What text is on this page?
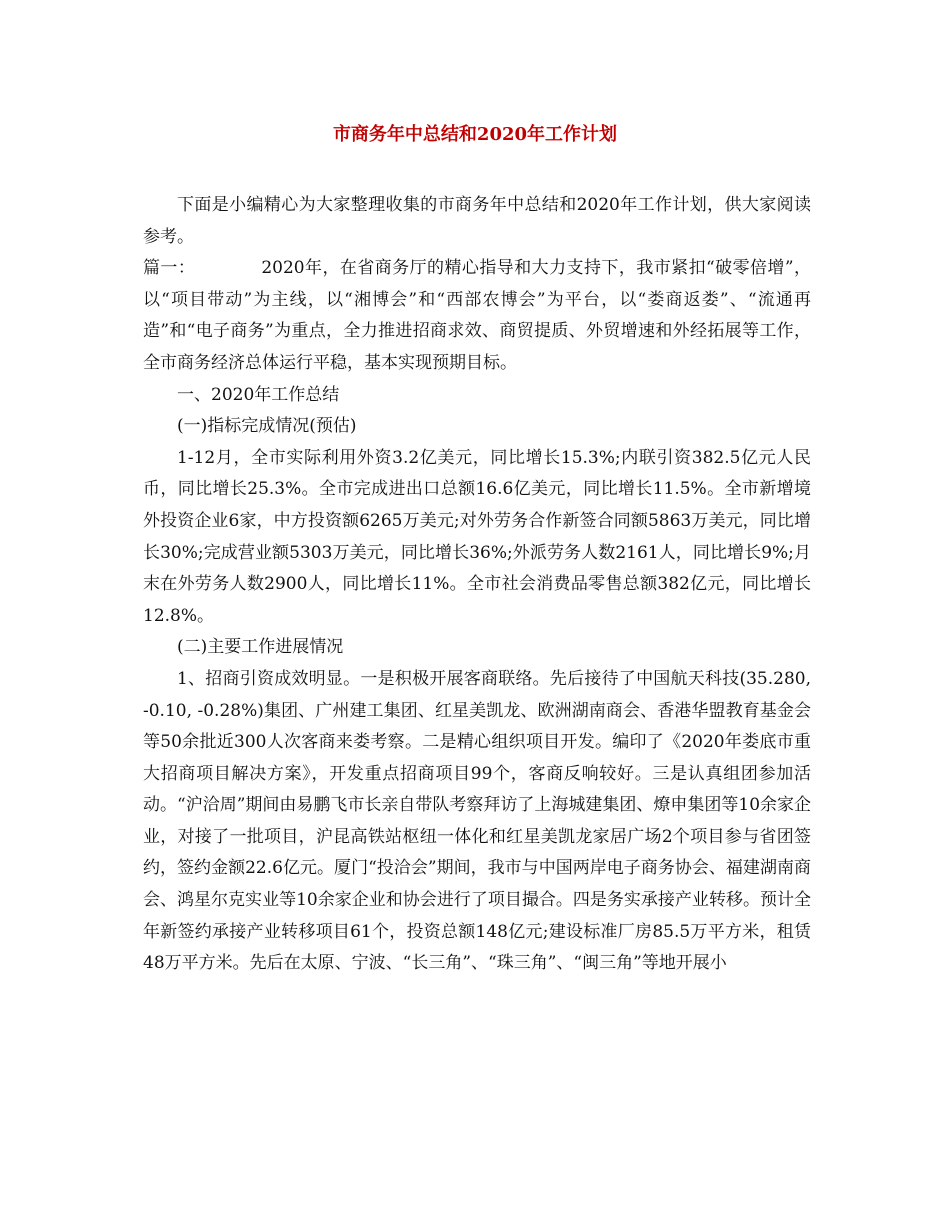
市商务年中总结和2020年工作计划

下面是小编精心为大家整理收集的市商务年中总结和2020年工作计划，供大家阅读参考。

篇一：	2020年，在省商务厅的精心指导和大力支持下，我市紧扣“破零倍增”，以“项目带动”为主线，以“湘博会”和“西部农博会”为平台，以“娄商返娄”、“流通再造”和“电子商务”为重点，全力推进招商求效、商贸提质、外贸增速和外经拓展等工作，全市商务经济总体运行平稳，基本实现预期目标。

一、2020年工作总结

(一)指标完成情况(预估)

1-12月，全市实际利用外资3.2亿美元，同比增长15.3%;内联引资382.5亿元人民币，同比增长25.3%。全市完成进出口总额16.6亿美元，同比增长11.5%。全市新增境外投资企业6家，中方投资额6265万美元;对外劳务合作新签合同额5863万美元，同比增长30%;完成营业额5303万美元，同比增长36%;外派劳务人数2161人，同比增长9%;月末在外劳务人数2900人，同比增长11%。全市社会消费品零售总额382亿元，同比增长12.8%。

(二)主要工作进展情况

1、招商引资成效明显。一是积极开展客商联络。先后接待了中国航天科技(35.280, -0.10, -0.28%)集团、广州建工集团、红星美凯龙、欧洲湖南商会、香港华盟教育基金会等50余批近300人次客商来娄考察。二是精心组织项目开发。编印了《2020年娄底市重大招商项目解决方案》，开发重点招商项目99个，客商反响较好。三是认真组团参加活动。“沪洽周”期间由易鹏飞市长亲自带队考察拜访了上海城建集团、燎申集团等10余家企业，对接了一批项目，沪昆高铁站枢纽一体化和红星美凯龙家居广场2个项目参与省团签约，签约金额22.6亿元。厦门“投洽会”期间，我市与中国两岸电子商务协会、福建湖南商会、鸿星尔克实业等10余家企业和协会进行了项目撮合。四是务实承接产业转移。预计全年新签约承接产业转移项目61个，投资总额148亿元;建设标准厂房85.5万平方米，租赁48万平方米。先后在太原、宁波、“长三角”、“珠三角”、“闽三角”等地开展小
